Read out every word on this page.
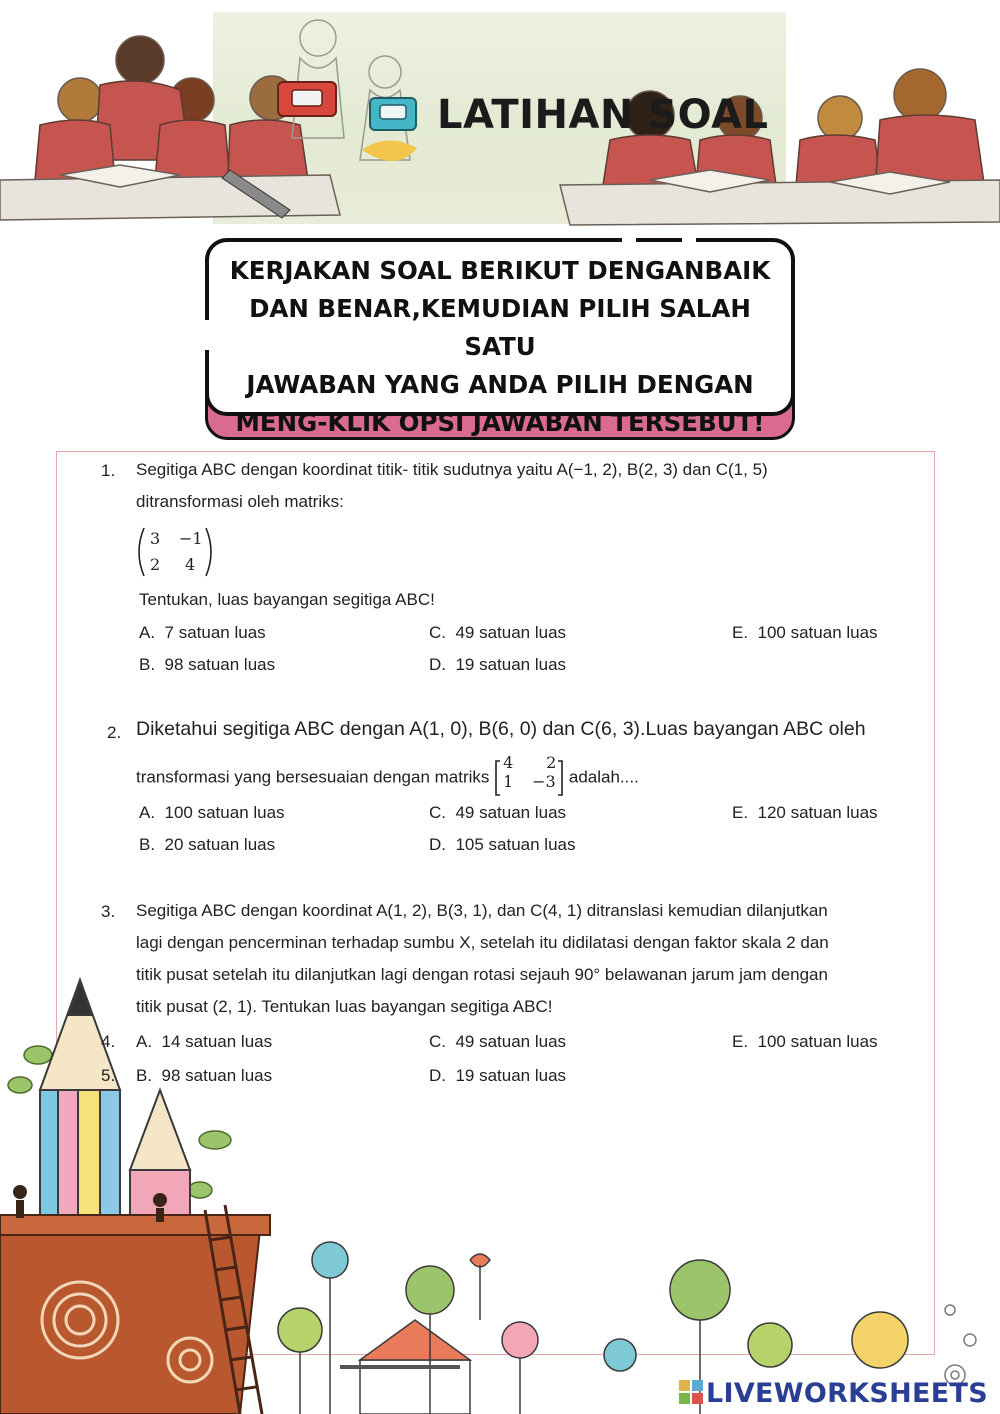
LATIHAN SOAL
KERJAKAN SOAL BERIKUT DENGANBAIK
DAN BENAR,KEMUDIAN PILIH SALAH SATU
JAWABAN YANG ANDA PILIH DENGAN
MENG-KLIK OPSI JAWABAN TERSEBUT!
1. Segitiga ABC dengan koordinat titik- titik sudutnya yaitu A(−1, 2), B(2, 3) dan C(1, 5)
ditransformasi oleh matriks:
3 −1
2 4
Tentukan, luas bayangan segitiga ABC!
A. 7 satuan luas	C. 49 satuan luas	E. 100 satuan luas
B. 98 satuan luas	D. 19 satuan luas
2. Diketahui segitiga ABC dengan A(1, 0), B(6, 0) dan C(6, 3).Luas bayangan ABC oleh
transformasi yang bersesuaian dengan matriks
4 2
1 −3 adalah....
A. 100 satuan luas	C. 49 satuan luas	E. 120 satuan luas
B. 20 satuan luas	D. 105 satuan luas
3. Segitiga ABC dengan koordinat A(1, 2), B(3, 1), dan C(4, 1) ditranslasi kemudian dilanjutkan
lagi dengan pencerminan terhadap sumbu X, setelah itu didilatasi dengan faktor skala 2 dan
titik pusat setelah itu dilanjutkan lagi dengan rotasi sejauh 90° belawanan jarum jam dengan
titik pusat (2, 1). Tentukan luas bayangan segitiga ABC!
4.
5.
A. 14 satuan luas	C. 49 satuan luas	E. 100 satuan luas
B. 98 satuan luas	D. 19 satuan luas
LIVEWORKSHEETS
